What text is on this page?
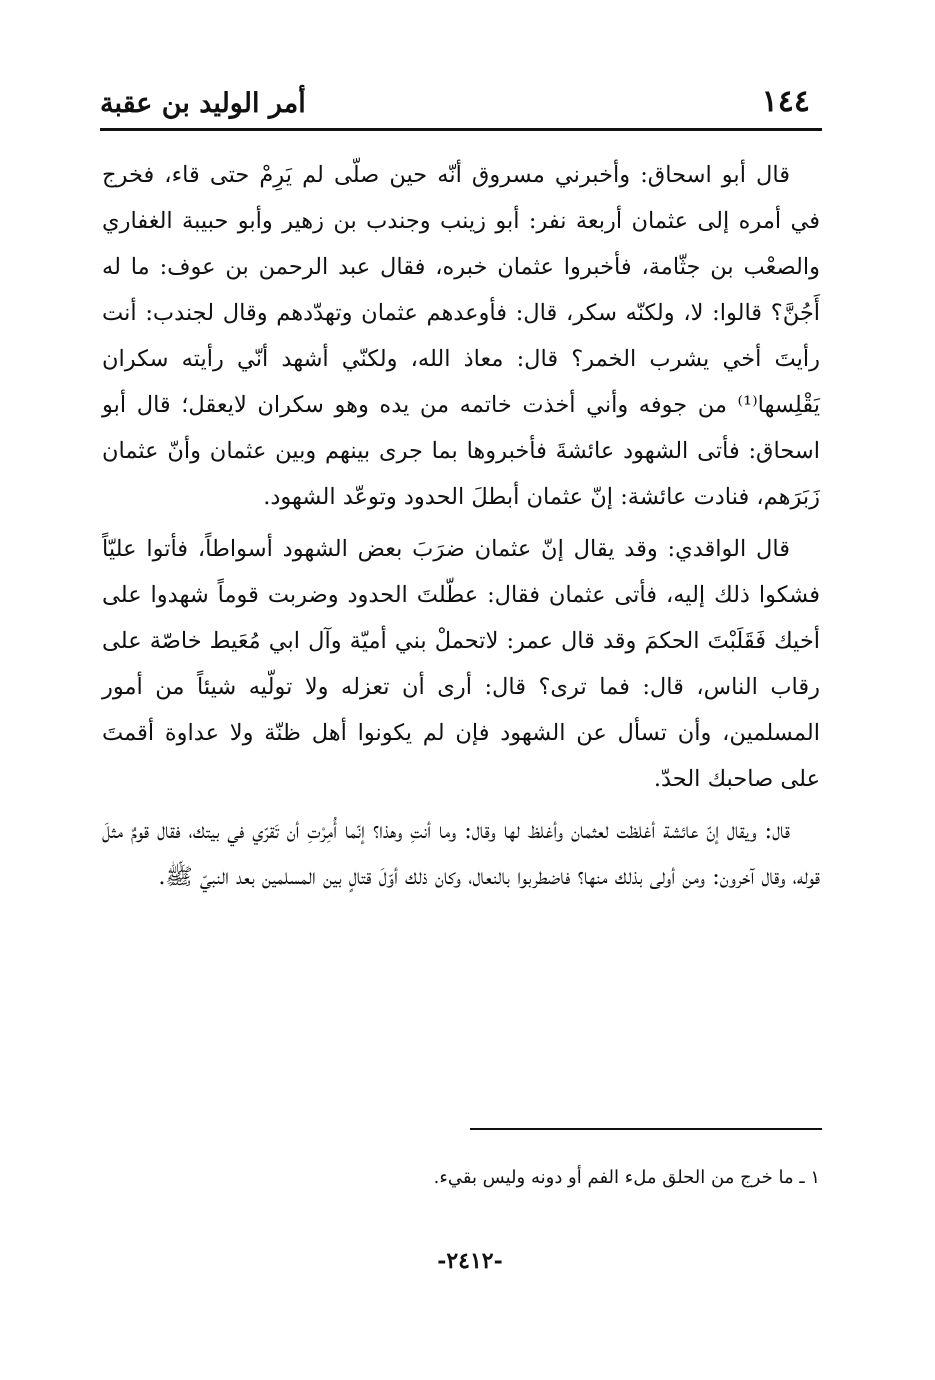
أمر الوليد بن عقبة	١٤٤

قال أبو اسحاق: وأخبرني مسروق أنّه حين صلّى لم يَرِمْ حتى قاء، فخرج في أمره إلى عثمان أربعة نفر: أبو زينب وجندب بن زهير وأبو حبيبة الغفاري والصعْب بن جثّامة، فأخبروا عثمان خبره، فقال عبد الرحمن بن عوف: ما له أَجُنَّ؟ قالوا: لا، ولكنّه سكر، قال: فأوعدهم عثمان وتهدّدهم وقال لجندب: أنت رأيتَ أخي يشرب الخمر؟ قال: معاذ الله، ولكنّي أشهد أنّي رأيته سكران يَقْلِسها⁽¹⁾ من جوفه وأني أخذت خاتمه من يده وهو سكران لايعقل؛ قال أبو اسحاق: فأتى الشهود عائشةَ فأخبروها بما جرى بينهم وبين عثمان وأنّ عثمان زَبَرَهم، فنادت عائشة: إنّ عثمان أبطلَ الحدود وتوعّد الشهود.

قال الواقدي: وقد يقال إنّ عثمان ضرَبَ بعض الشهود أسواطاً، فأتوا عليّاً فشكوا ذلك إليه، فأتى عثمان فقال: عطّلتَ الحدود وضربت قوماً شهدوا على أخيك فَقَلَبْتَ الحكمَ وقد قال عمر: لاتحملْ بني أميّة وآل ابي مُعَيط خاصّة على رقاب الناس، قال: فما ترى؟ قال: أرى أن تعزله ولا تولّيه شيئاً من أمور المسلمين، وأن تسأل عن الشهود فإن لم يكونوا أهل ظنّة ولا عداوة أقمتَ على صاحبك الحدّ.

قال: ويقال إنّ عائشة أغلظت لعثمان وأغلظ لها وقال: وما أنتِ وهذا؟ إنّما أُمِرْتِ أن تَقرّي في بيتك، فقال قومٌ مثلَ قوله، وقال آخرون: ومن أولى بذلك منها؟ فاضطربوا بالنعال، وكان ذلك أوّلَ قتالٍ بين المسلمين بعد النبيّ ﷺ.

١ ـ ما خرج من الحلق ملء الفم أو دونه وليس بقيء.
-٢٤١٢-
